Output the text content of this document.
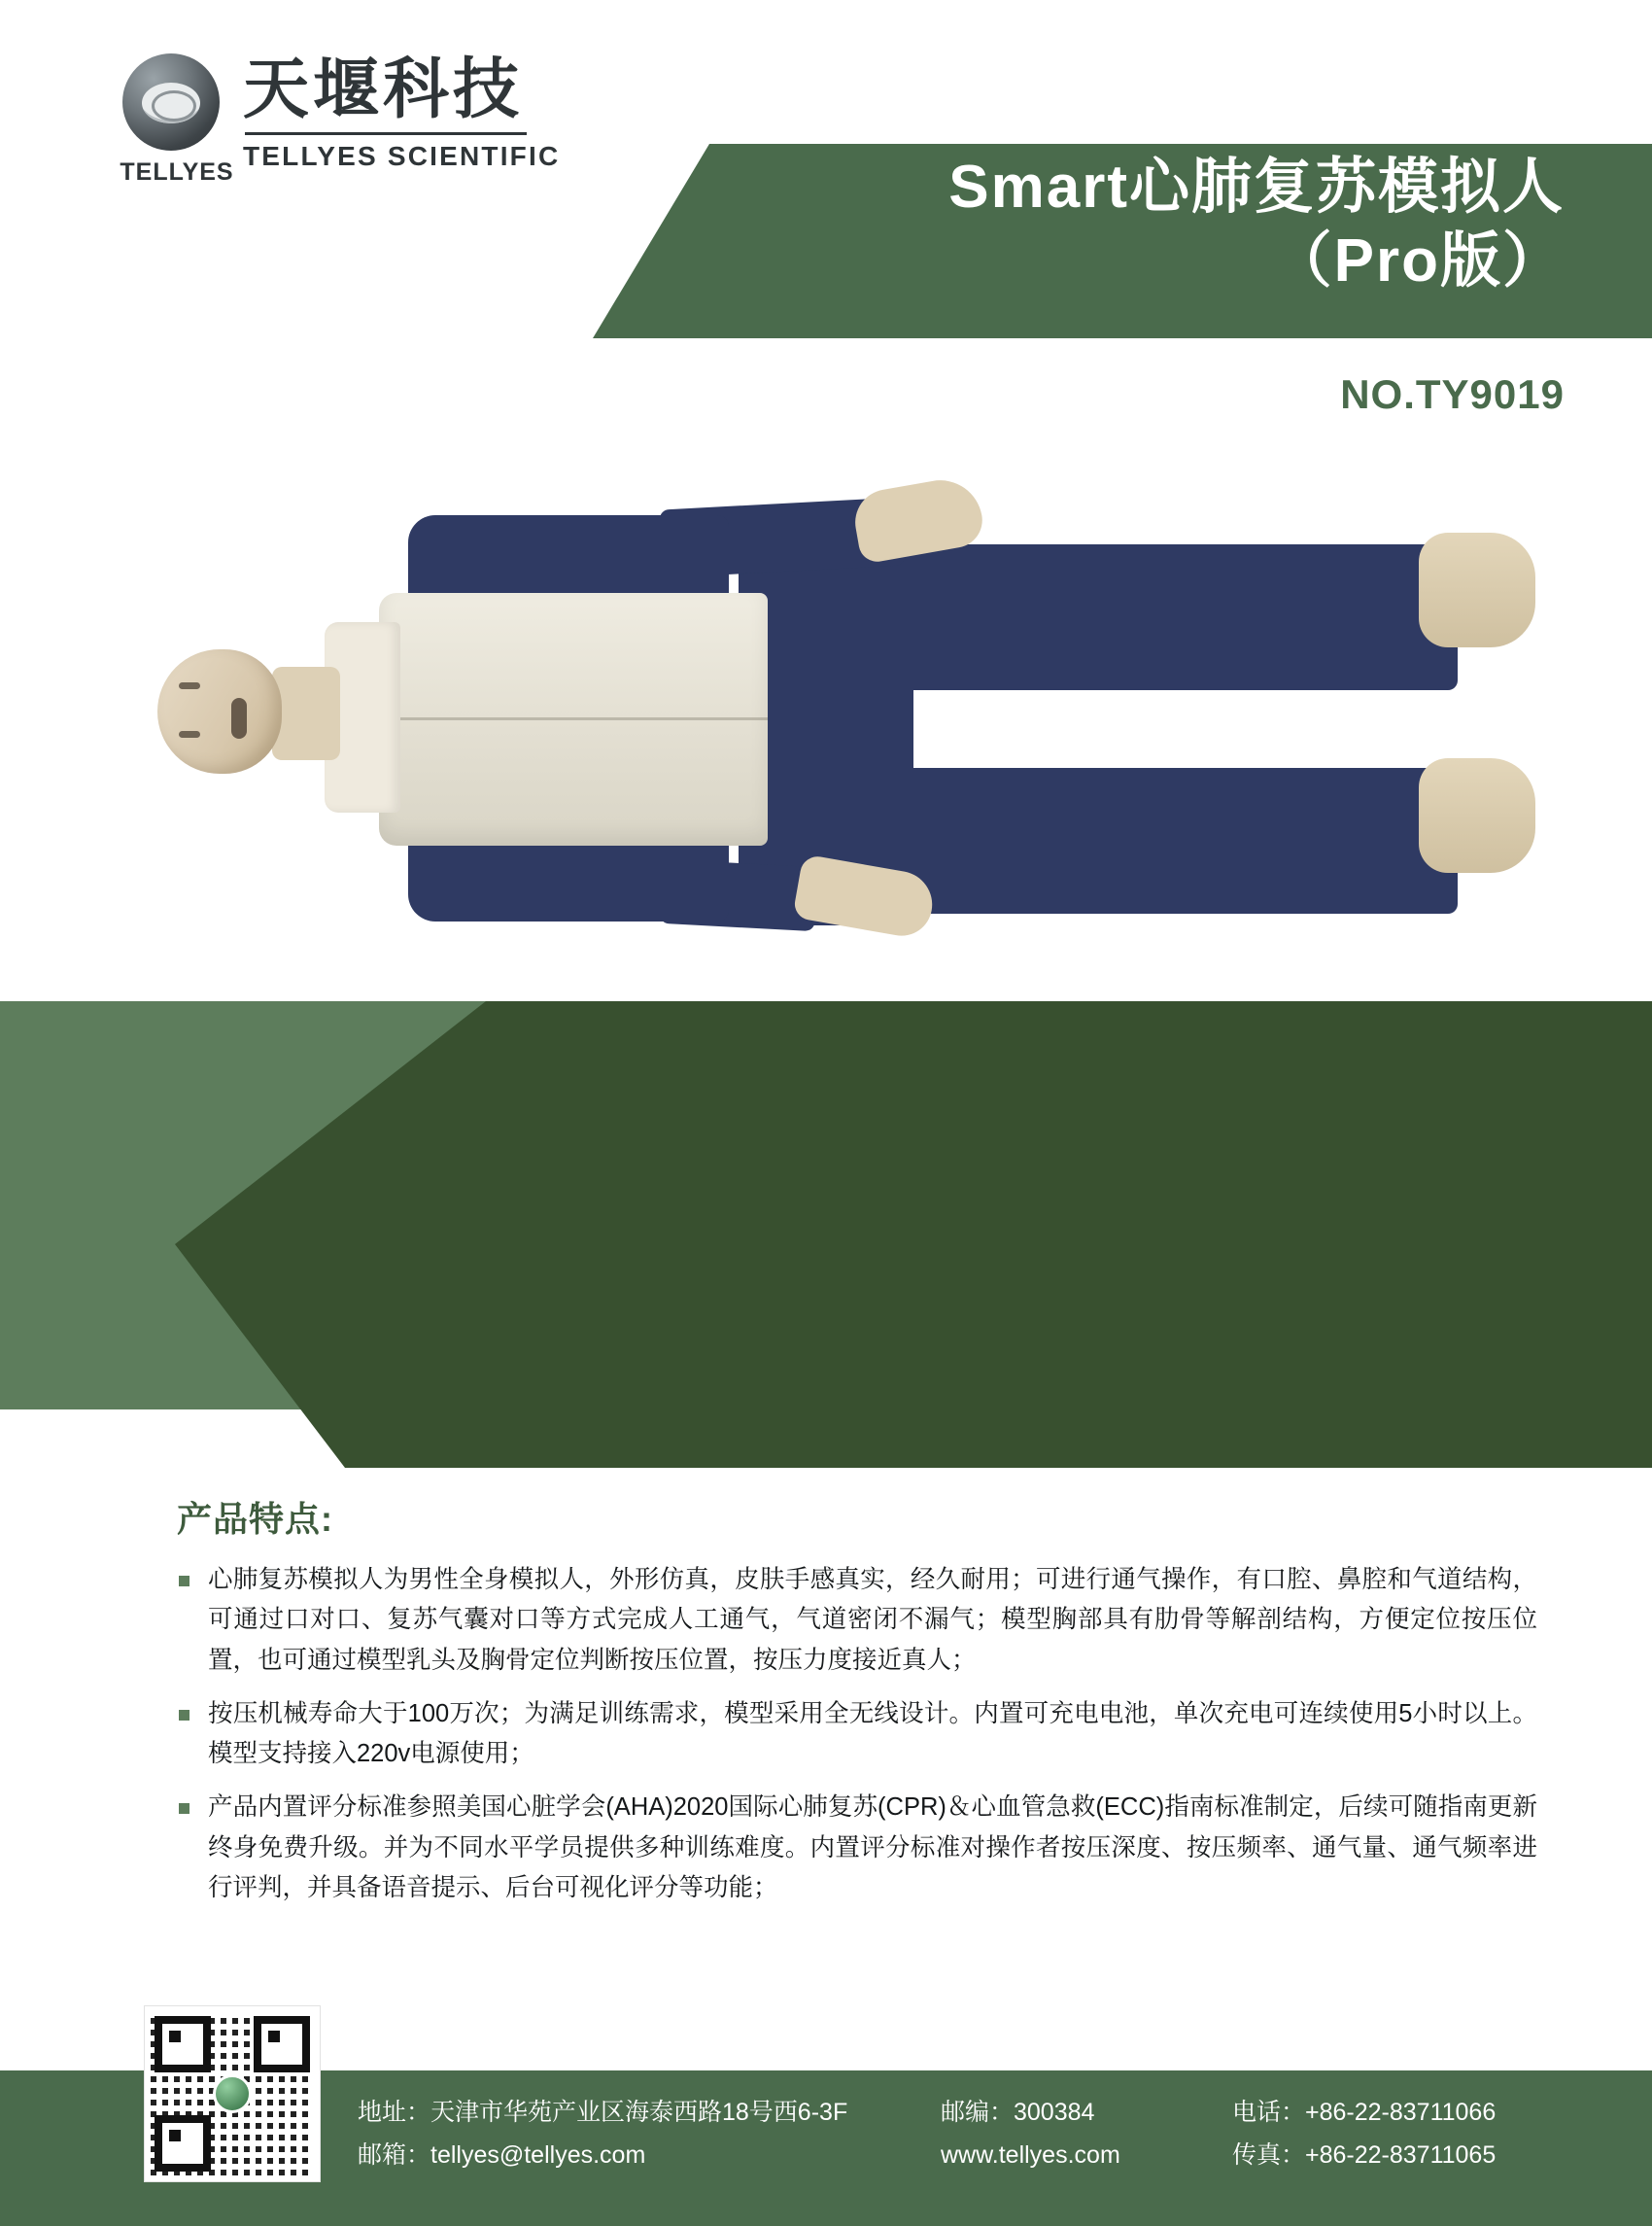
TELLYES
天堰科技
TELLYES SCIENTIFIC	Smart心肺复苏模拟人
（Pro版）
NO.TY9019
产品特点:
心肺复苏模拟人为男性全身模拟人，外形仿真，皮肤手感真实，经久耐用；可进行通气操作，有口腔、鼻腔和气道结构，可通过口对口、复苏气囊对口等方式完成人工通气，气道密闭不漏气；模型胸部具有肋骨等解剖结构，方便定位按压位置，也可通过模型乳头及胸骨定位判断按压位置，按压力度接近真人；
按压机械寿命大于100万次；为满足训练需求，模型采用全无线设计。内置可充电电池，单次充电可连续使用5小时以上。模型支持接入220v电源使用；
产品内置评分标准参照美国心脏学会(AHA)2020国际心肺复苏(CPR)＆心血管急救(ECC)指南标准制定，后续可随指南更新终身免费升级。并为不同水平学员提供多种训练难度。内置评分标准对操作者按压深度、按压频率、通气量、通气频率进行评判，并具备语音提示、后台可视化评分等功能；
地址：天津市华苑产业区海泰西路18号西6-3F
邮箱：tellyes@tellyes.com
邮编：300384
www.tellyes.com
电话：+86-22-83711066
传真：+86-22-83711065
